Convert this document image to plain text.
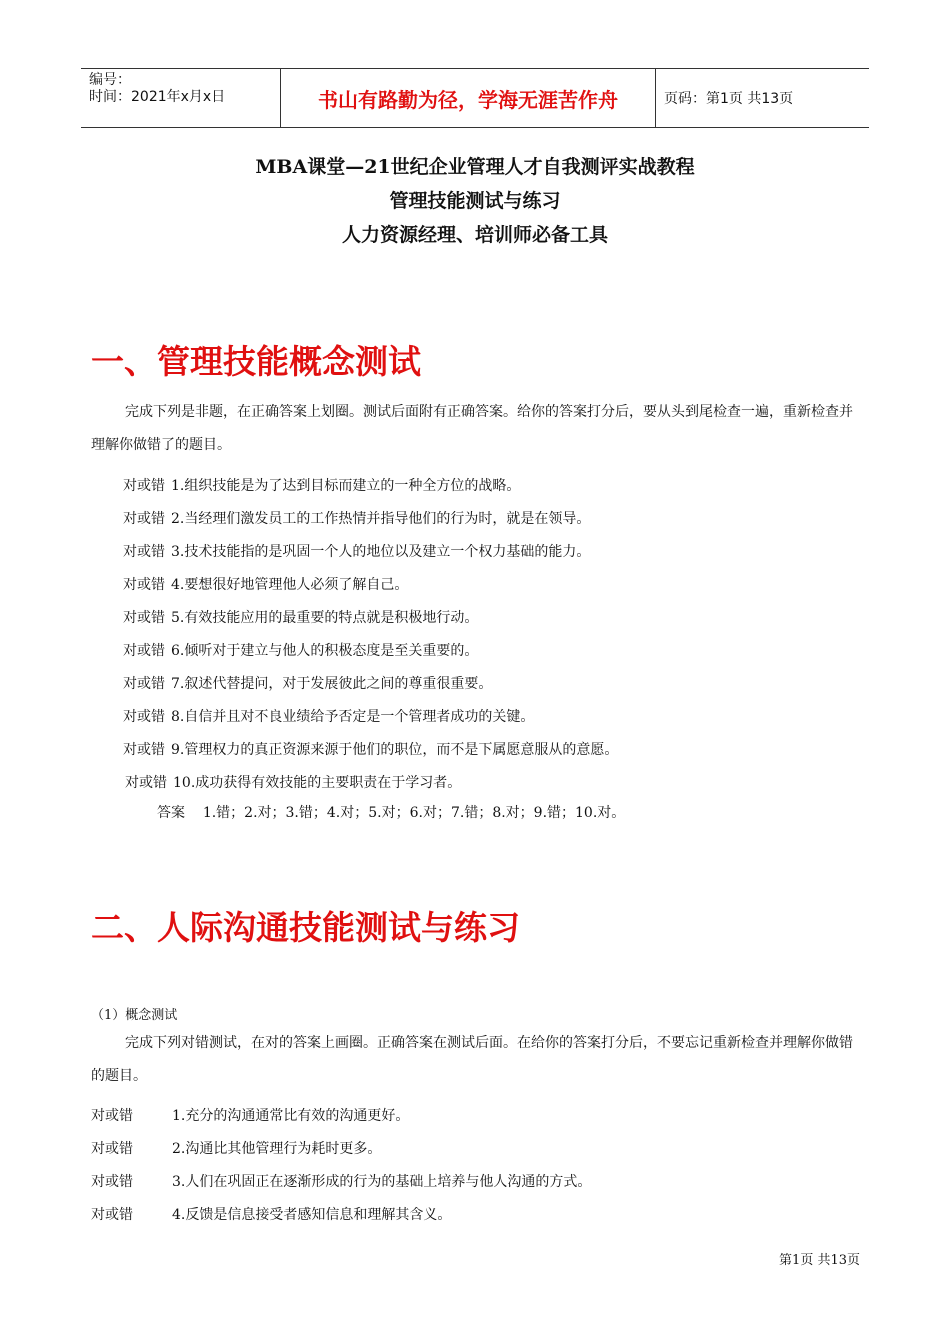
编号：
时间：2021年x月x日	书山有路勤为径，学海无涯苦作舟	页码：第1页 共13页
MBA课堂—21世纪企业管理人才自我测评实战教程
管理技能测试与练习
人力资源经理、培训师必备工具
一、管理技能概念测试
完成下列是非题，在正确答案上划圈。测试后面附有正确答案。给你的答案打分后，要从头到尾检查一遍，重新检查并理解你做错了的题目。
对或错 1.组织技能是为了达到目标而建立的一种全方位的战略。
对或错 2.当经理们激发员工的工作热情并指导他们的行为时，就是在领导。
对或错 3.技术技能指的是巩固一个人的地位以及建立一个权力基础的能力。
对或错 4.要想很好地管理他人必须了解自己。
对或错 5.有效技能应用的最重要的特点就是积极地行动。
对或错 6.倾听对于建立与他人的积极态度是至关重要的。
对或错 7.叙述代替提问，对于发展彼此之间的尊重很重要。
对或错 8.自信并且对不良业绩给予否定是一个管理者成功的关键。
对或错 9.管理权力的真正资源来源于他们的职位，而不是下属愿意服从的意愿。
对或错 10.成功获得有效技能的主要职责在于学习者。
答案 1.错；2.对；3.错；4.对；5.对；6.对；7.错；8.对；9.错；10.对。
二、人际沟通技能测试与练习
（1）概念测试
完成下列对错测试，在对的答案上画圈。正确答案在测试后面。在给你的答案打分后，不要忘记重新检查并理解你做错的题目。
对或错	1.充分的沟通通常比有效的沟通更好。
对或错	2.沟通比其他管理行为耗时更多。
对或错	3.人们在巩固正在逐渐形成的行为的基础上培养与他人沟通的方式。
对或错	4.反馈是信息接受者感知信息和理解其含义。
第1页 共13页
